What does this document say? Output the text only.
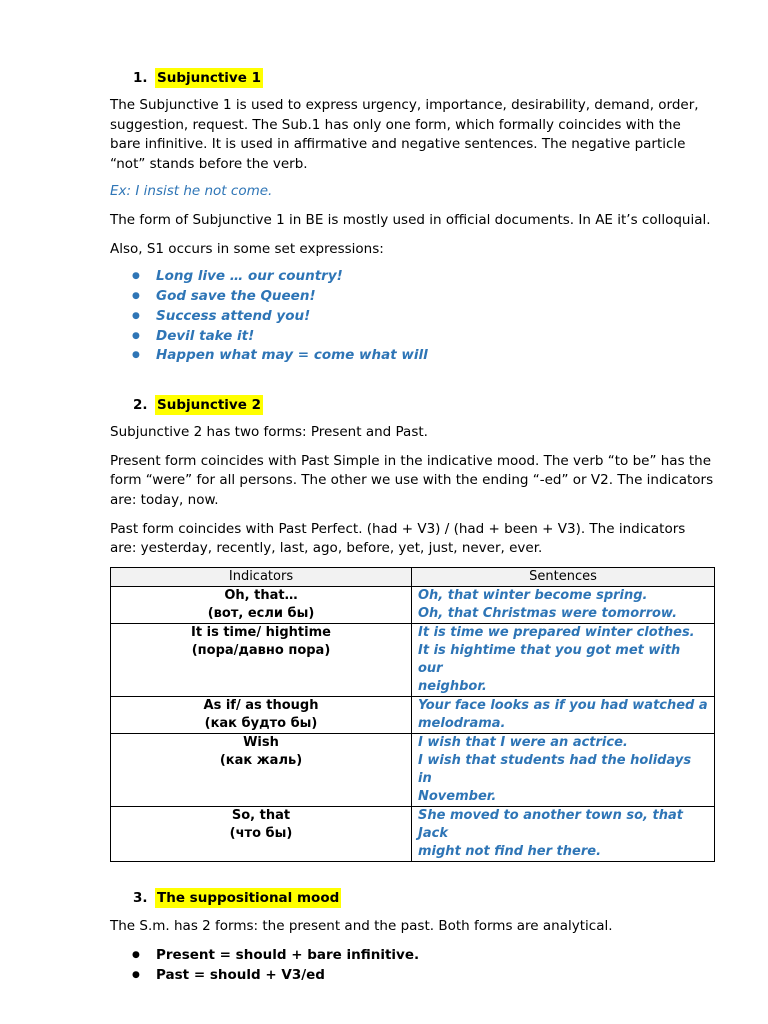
1. Subjunctive 1

The Subjunctive 1 is used to express urgency, importance, desirability, demand, order, suggestion, request. The Sub.1 has only one form, which formally coincides with the bare infinitive. It is used in affirmative and negative sentences. The negative particle “not” stands before the verb.

Ex: I insist he not come.

The form of Subjunctive 1 in BE is mostly used in official documents. In AE it’s colloquial.

Also, S1 occurs in some set expressions:

● Long live … our country!
● God save the Queen!
● Success attend you!
● Devil take it!
● Happen what may = come what will
2. Subjunctive 2

Subjunctive 2 has two forms: Present and Past.

Present form coincides with Past Simple in the indicative mood. The verb “to be” has the form “were” for all persons. The other we use with the ending “-ed” or V2. The indicators are: today, now.

Past form coincides with Past Perfect. (had + V3) / (had + been + V3). The indicators are: yesterday, recently, last, ago, before, yet, just, never, ever.

Indicators	Sentences

Oh, that…
(вот, если бы)	Oh, that winter become spring.
Oh, that Christmas were tomorrow.

It is time/ hightime
(пора/давно пора)	It is time we prepared winter clothes.
It is hightime that you got met with our
neighbor.

As if/ as though
(как будто бы)	Your face looks as if you had watched a
melodrama.

Wish
(как жаль)	I wish that I were an actrice.
I wish that students had the holidays in
November.

So, that
(что бы)	She moved to another town so, that Jack
might not find her there.
3. The suppositional mood

The S.m. has 2 forms: the present and the past. Both forms are analytical.

● Present = should + bare infinitive.
● Past = should + V3/ed
